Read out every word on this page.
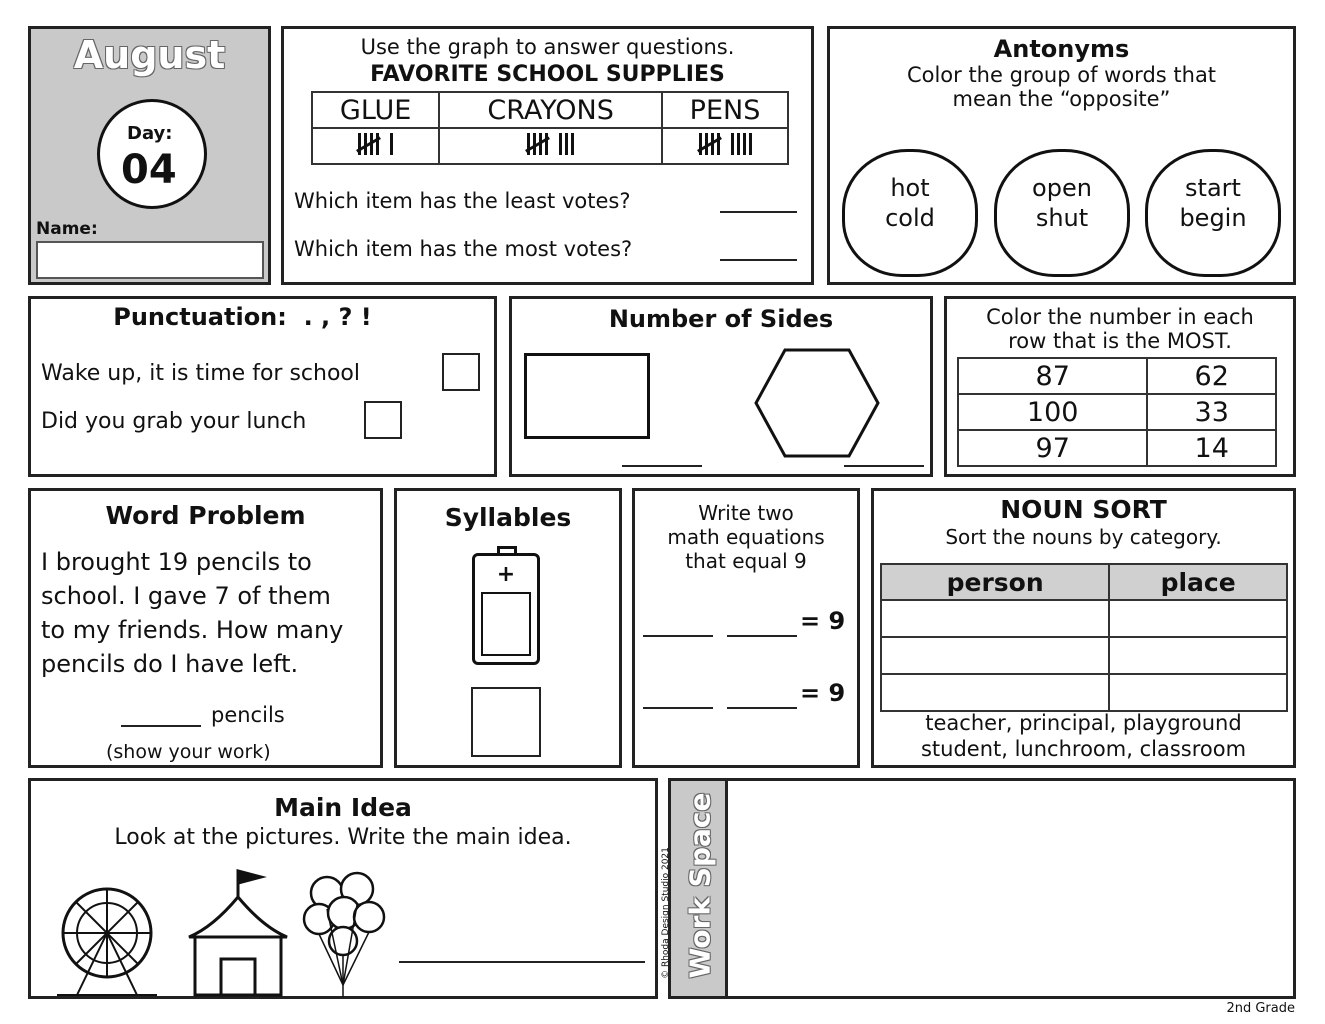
August
Day:
04
Name:
Use the graph to answer questions.
FAVORITE SCHOOL SUPPLIES
GLUE	CRAYONS	PENS

Which item has the least votes?
Which item has the most votes?
Antonyms
Color the group of words that
mean the “opposite”
hot
cold
open
shut
start
begin
Punctuation:  . , ? !
Wake up, it is time for school
Did you grab your lunch
Number of Sides	Color the number in each
row that is the MOST.
87	62
100	33
97	14
Word Problem
I brought 19 pencils to
school. I gave 7 of them
to my friends. How many
pencils do I have left.
pencils
(show your work)
Syllables
+
Write two
math equations
that equal 9
= 9
= 9
NOUN SORT
Sort the nouns by category.
person	place

teacher, principal, playground
student, lunchroom, classroom
Main Idea
Look at the pictures. Write the main idea.	Work Space
© Rhoda Design Studio 2021
2nd Grade
